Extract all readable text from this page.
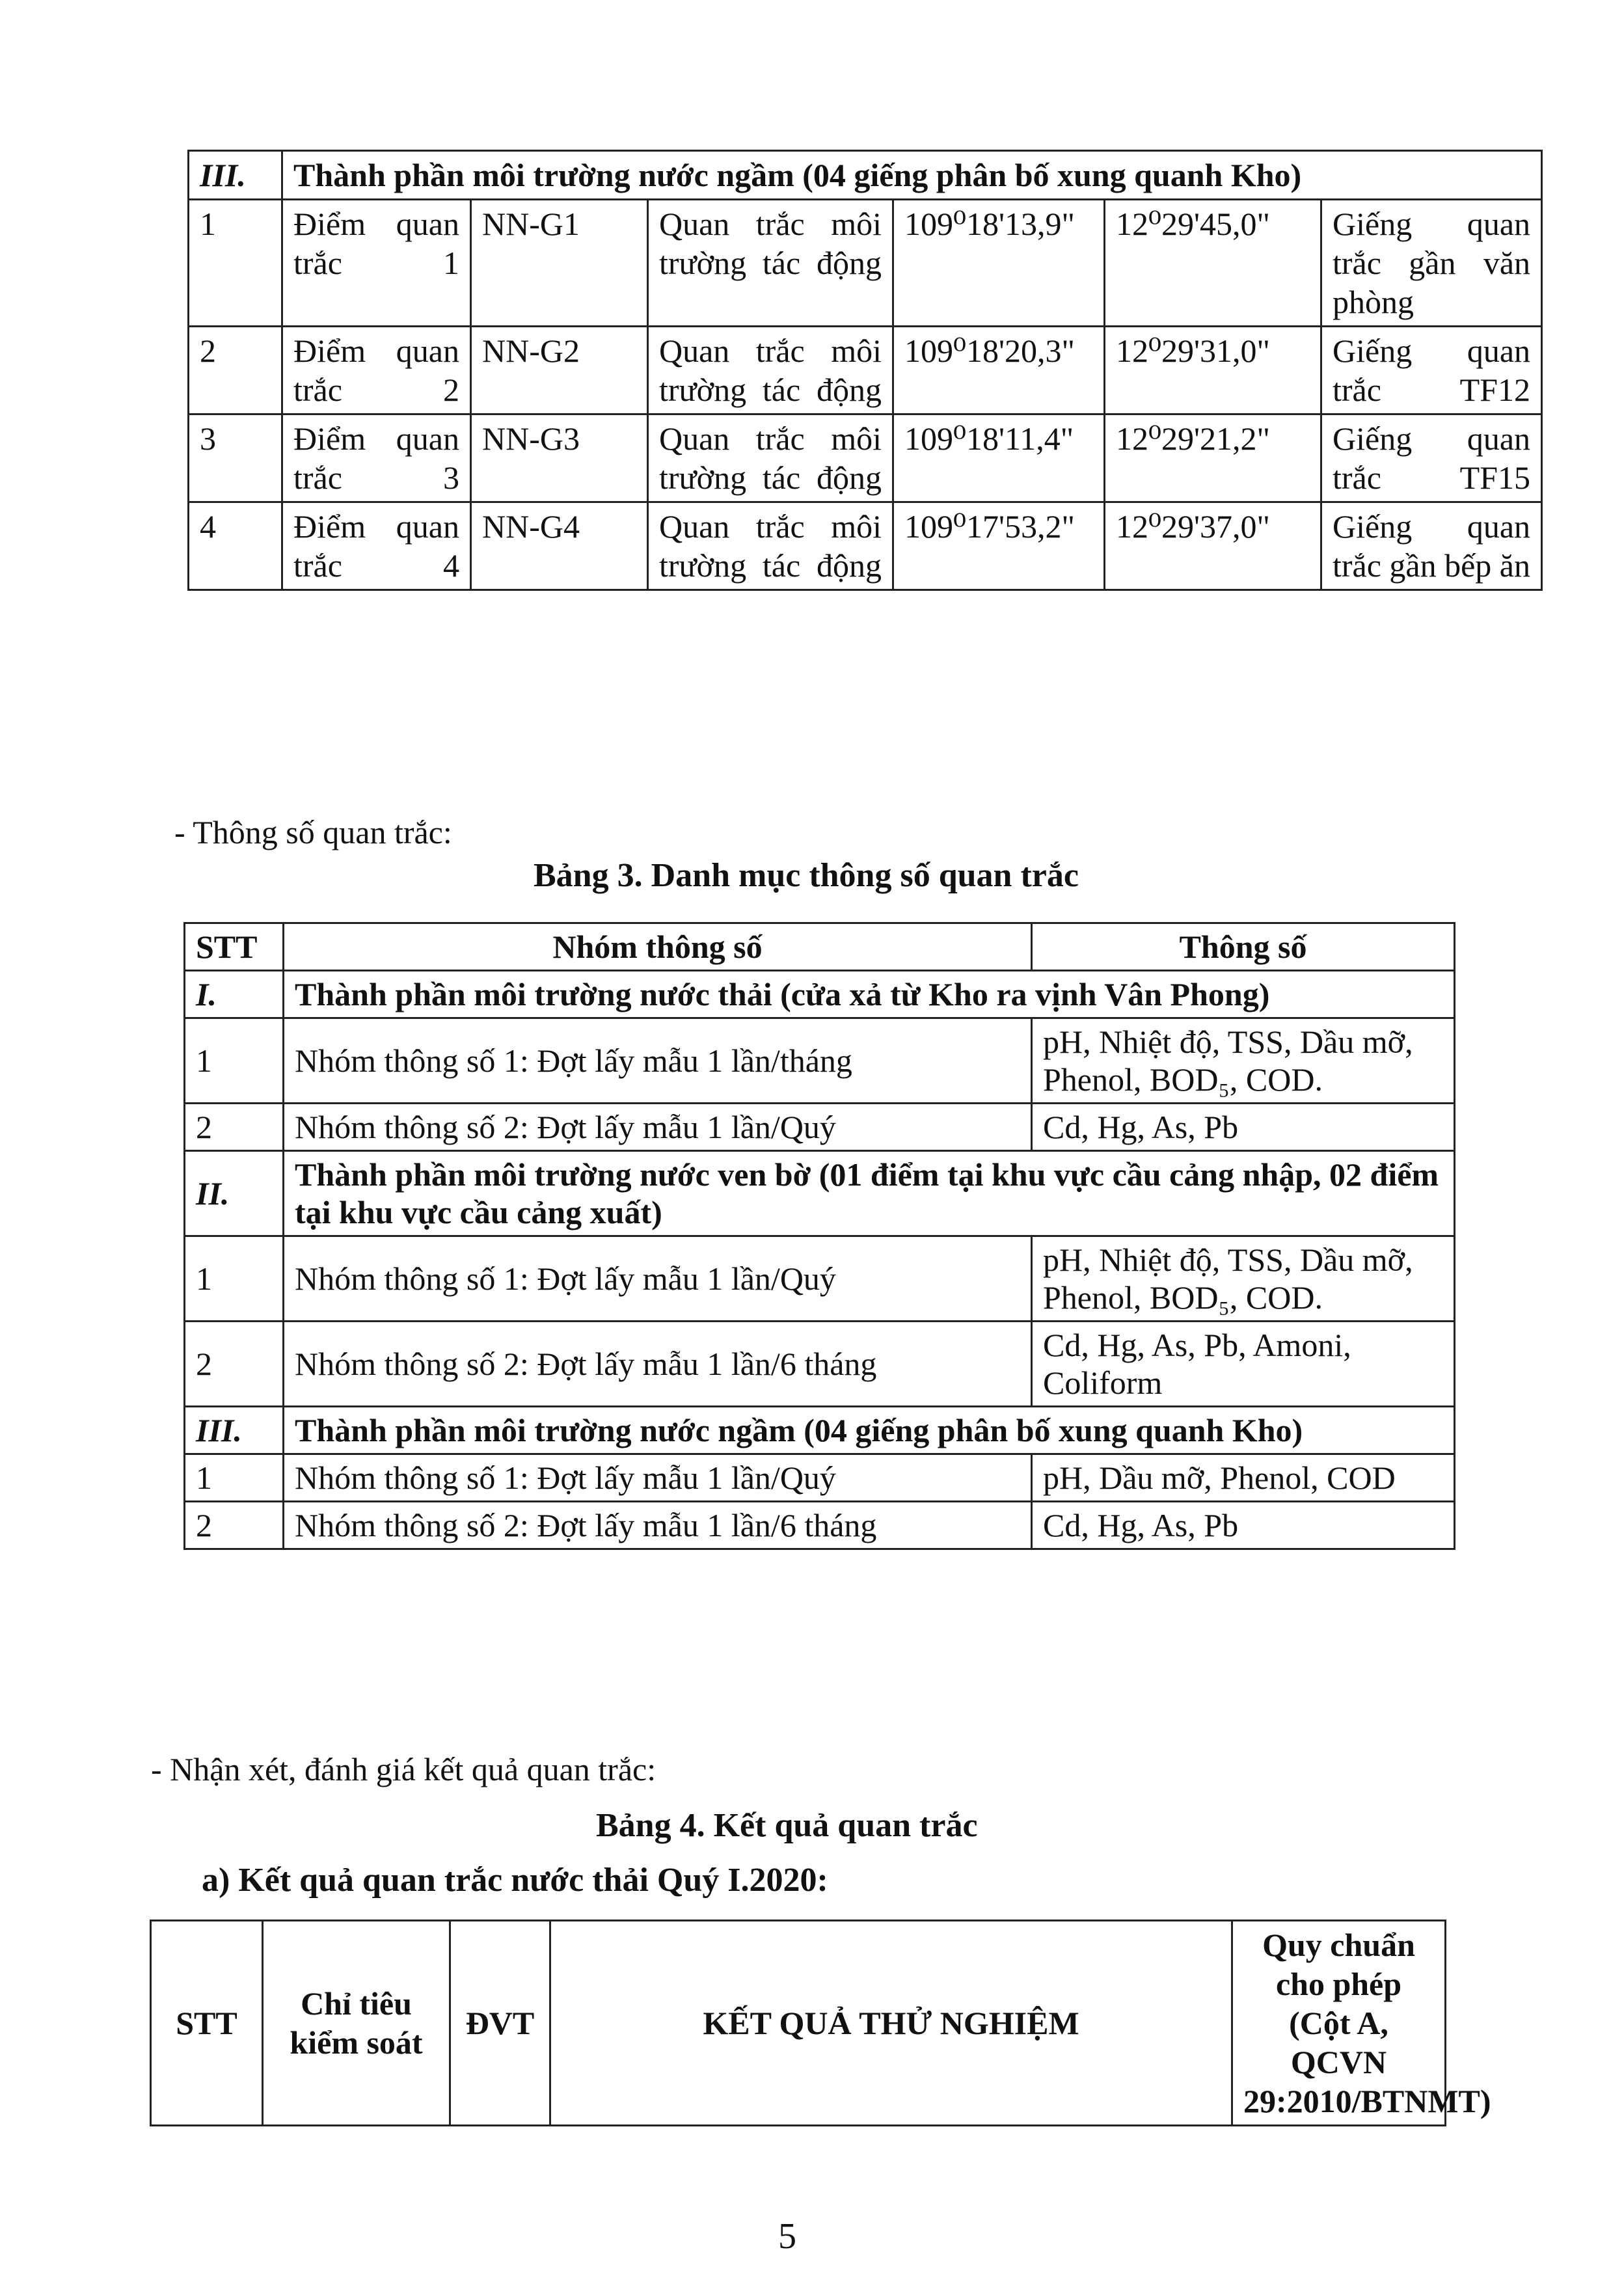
III.	Thành phần môi trường nước ngầm (04 giếng phân bố xung quanh Kho)					
1	Điểm quan trắc 1	NN-G1	Quan trắc môi trường tác động	109⁰18'13,9"	12⁰29'45,0"	Giếng quan trắc gần văn phòng
2	Điểm quan trắc 2	NN-G2	Quan trắc môi trường tác động	109⁰18'20,3"	12⁰29'31,0"	Giếng quan trắc TF12
3	Điểm quan trắc 3	NN-G3	Quan trắc môi trường tác động	109⁰18'11,4"	12⁰29'21,2"	Giếng quan trắc TF15
4	Điểm quan trắc 4	NN-G4	Quan trắc môi trường tác động	109⁰17'53,2"	12⁰29'37,0"	Giếng quan trắc gần bếp ăn
- Thông số quan trắc:
Bảng 3. Danh mục thông số quan trắc
STT	Nhóm thông số	Thông số
I.	Thành phần môi trường nước thải (cửa xả từ Kho ra vịnh Vân Phong)	
1	Nhóm thông số 1: Đợt lấy mẫu 1 lần/tháng	pH, Nhiệt độ, TSS, Dầu mỡ, Phenol, BOD₅, COD.
2	Nhóm thông số 2: Đợt lấy mẫu 1 lần/Quý	Cd, Hg, As, Pb
II.	Thành phần môi trường nước ven bờ (01 điểm tại khu vực cầu cảng nhập, 02 điểm tại khu vực cầu cảng xuất)	
1	Nhóm thông số 1: Đợt lấy mẫu 1 lần/Quý	pH, Nhiệt độ, TSS, Dầu mỡ, Phenol, BOD₅, COD.
2	Nhóm thông số 2: Đợt lấy mẫu 1 lần/6 tháng	Cd, Hg, As, Pb, Amoni, Coliform
III.	Thành phần môi trường nước ngầm (04 giếng phân bố xung quanh Kho)	
1	Nhóm thông số 1: Đợt lấy mẫu 1 lần/Quý	pH, Dầu mỡ, Phenol, COD
2	Nhóm thông số 2: Đợt lấy mẫu 1 lần/6 tháng	Cd, Hg, As, Pb
- Nhận xét, đánh giá kết quả quan trắc:
Bảng 4. Kết quả quan trắc
a) Kết quả quan trắc nước thải Quý I.2020:
STT	Chỉ tiêu kiểm soát	ĐVT	KẾT QUẢ THỬ NGHIỆM	Quy chuẩn cho phép (Cột A, QCVN 29:2010/BTNMT)
5
